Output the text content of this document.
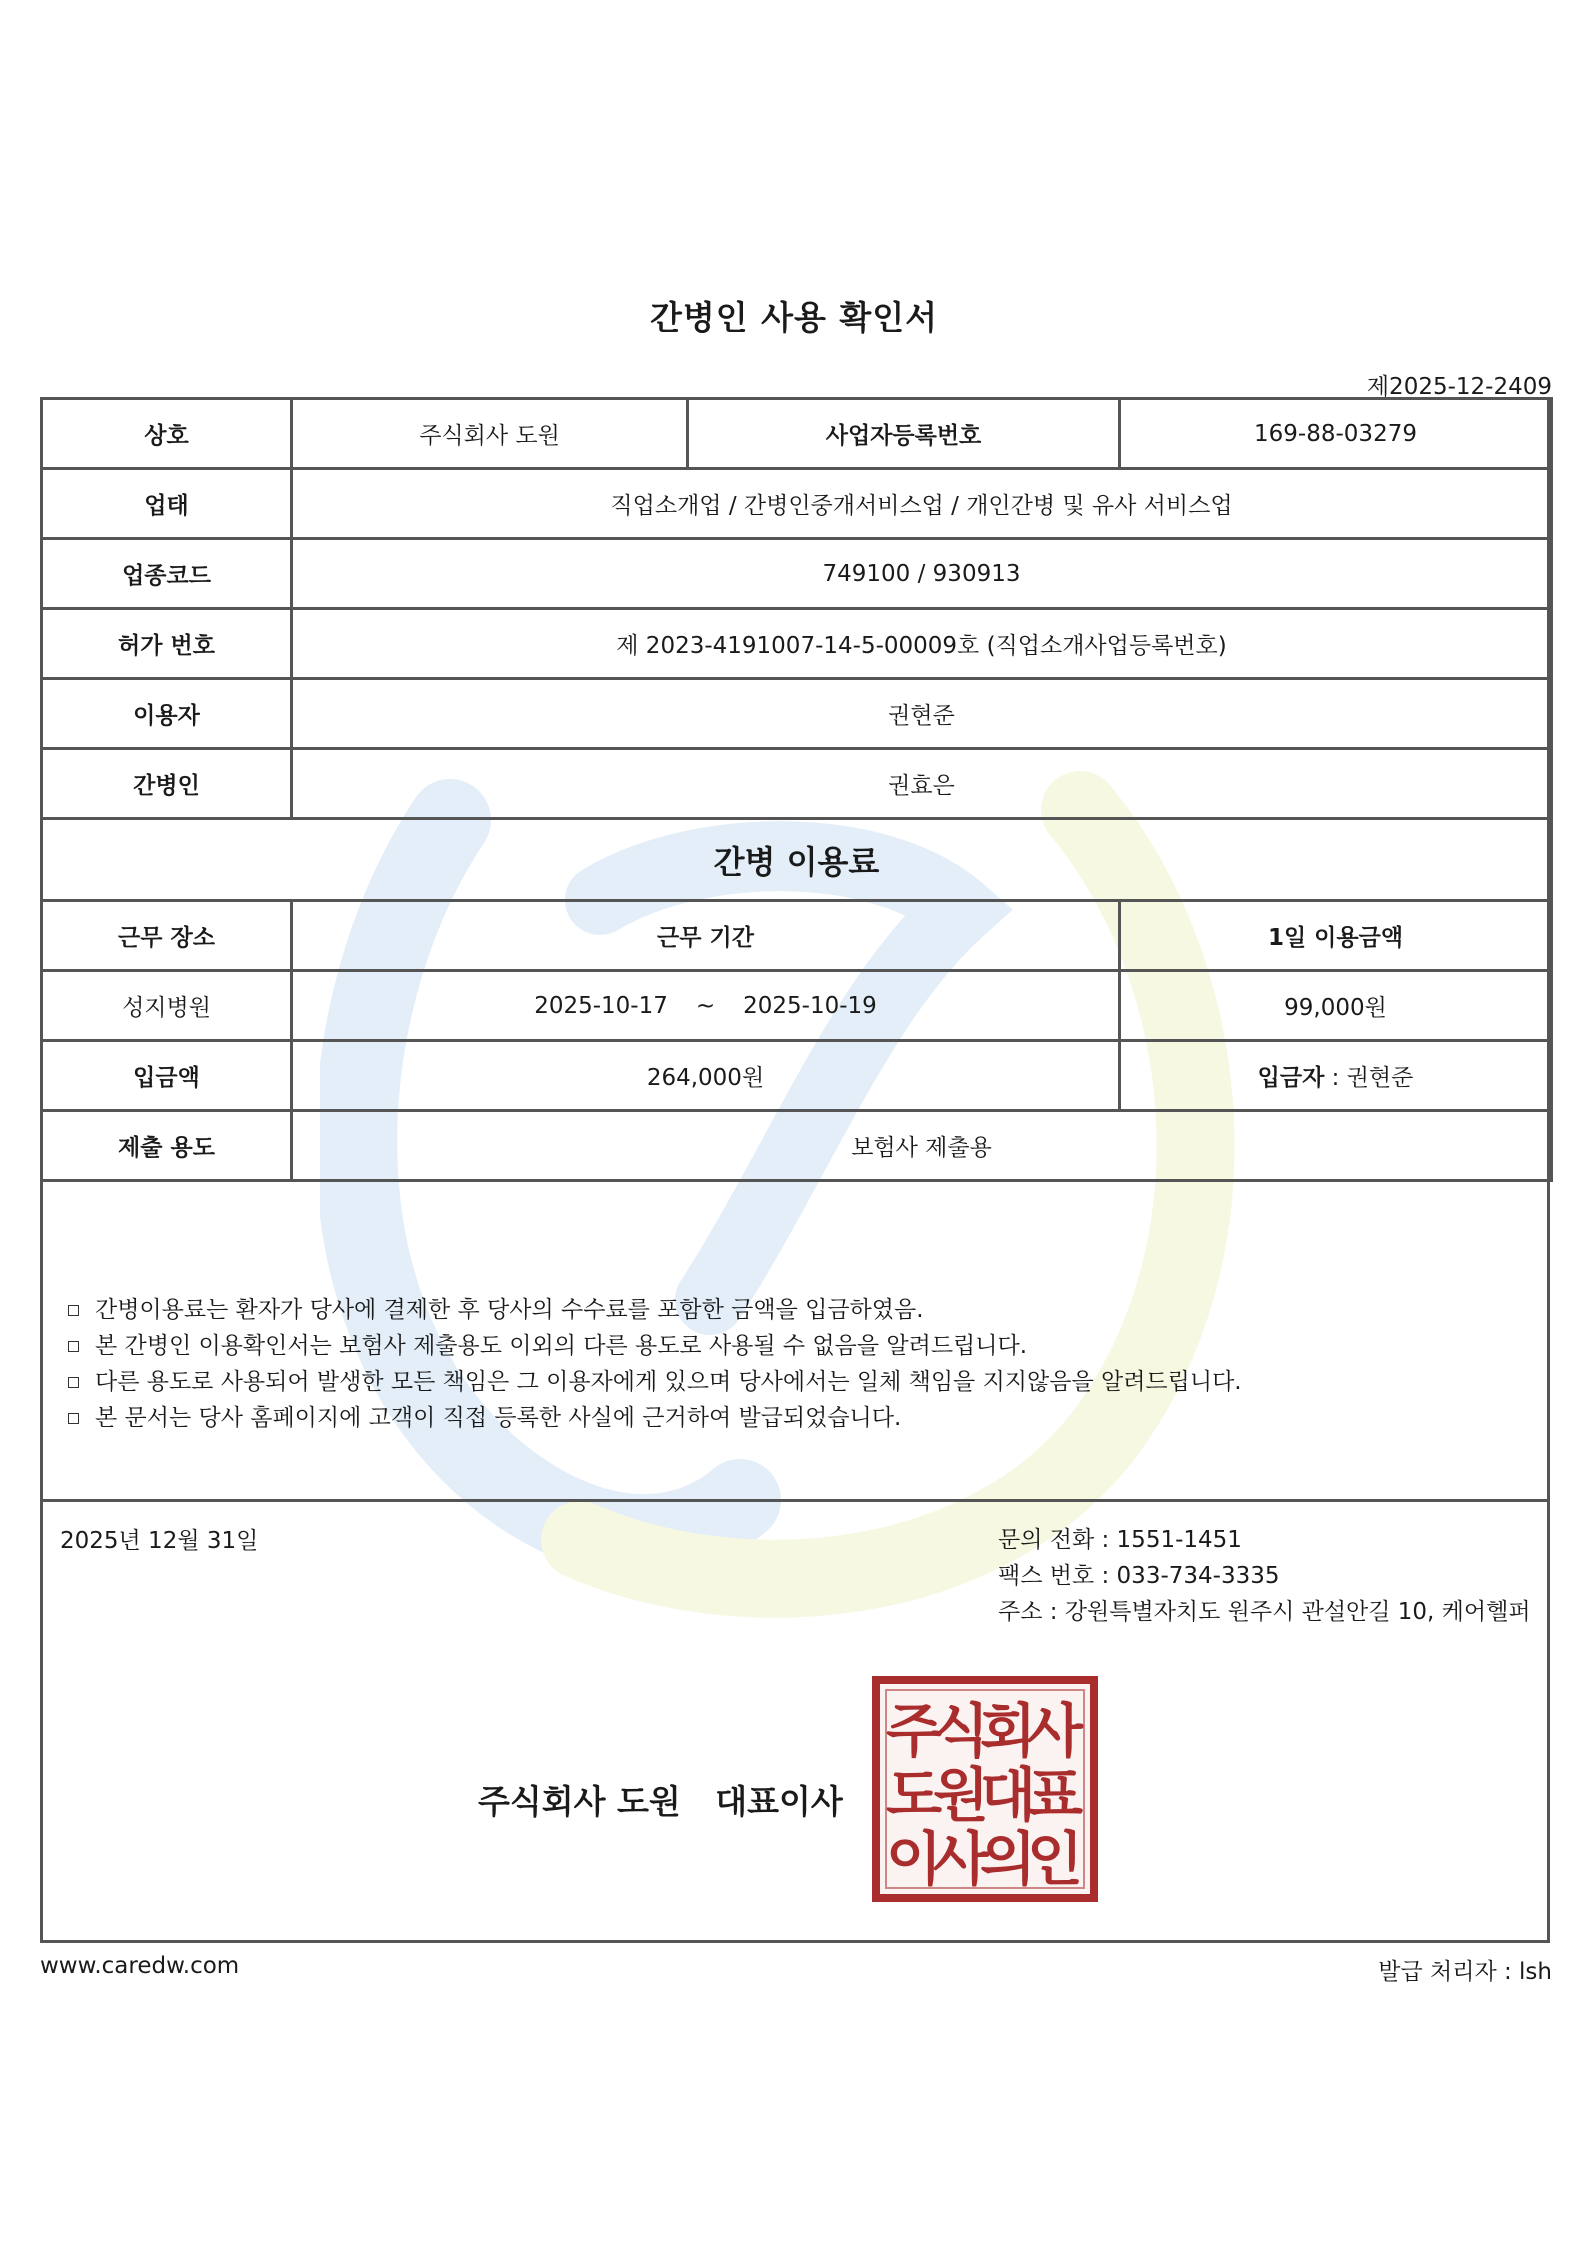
간병인 사용 확인서
제2025-12-2409
상호	주식회사 도원	사업자등록번호	169-88-03279
업태	직업소개업 / 간병인중개서비스업 / 개인간병 및 유사 서비스업		
업종코드	749100 / 930913		
허가 번호	제 2023-4191007-14-5-00009호 (직업소개사업등록번호)		
이용자	권현준		
간병인	권효은		
간병 이용료			
근무 장소	근무 기간		1일 이용금액
성지병원	2025-10-17 ~ 2025-10-19		99,000원
입금액	264,000원		입금자 : 권현준
제출 용도	보험사 제출용		
간병이용료는 환자가 당사에 결제한 후 당사의 수수료를 포함한 금액을 입금하였음.
본 간병인 이용확인서는 보험사 제출용도 이외의 다른 용도로 사용될 수 없음을 알려드립니다.
다른 용도로 사용되어 발생한 모든 책임은 그 이용자에게 있으며 당사에서는 일체 책임을 지지않음을 알려드립니다.
본 문서는 당사 홈페이지에 고객이 직접 등록한 사실에 근거하여 발급되었습니다.
2025년 12월 31일	문의 전화 : 1551-1451
팩스 번호 : 033-734-3335
주소 : 강원특별자치도 원주시 관설안길 10, 케어헬퍼
주식회사 도원   대표이사
주
식
회
사
도
원
대
표
이
사
의
인
www.caredw.com	발급 처리자 : lsh
